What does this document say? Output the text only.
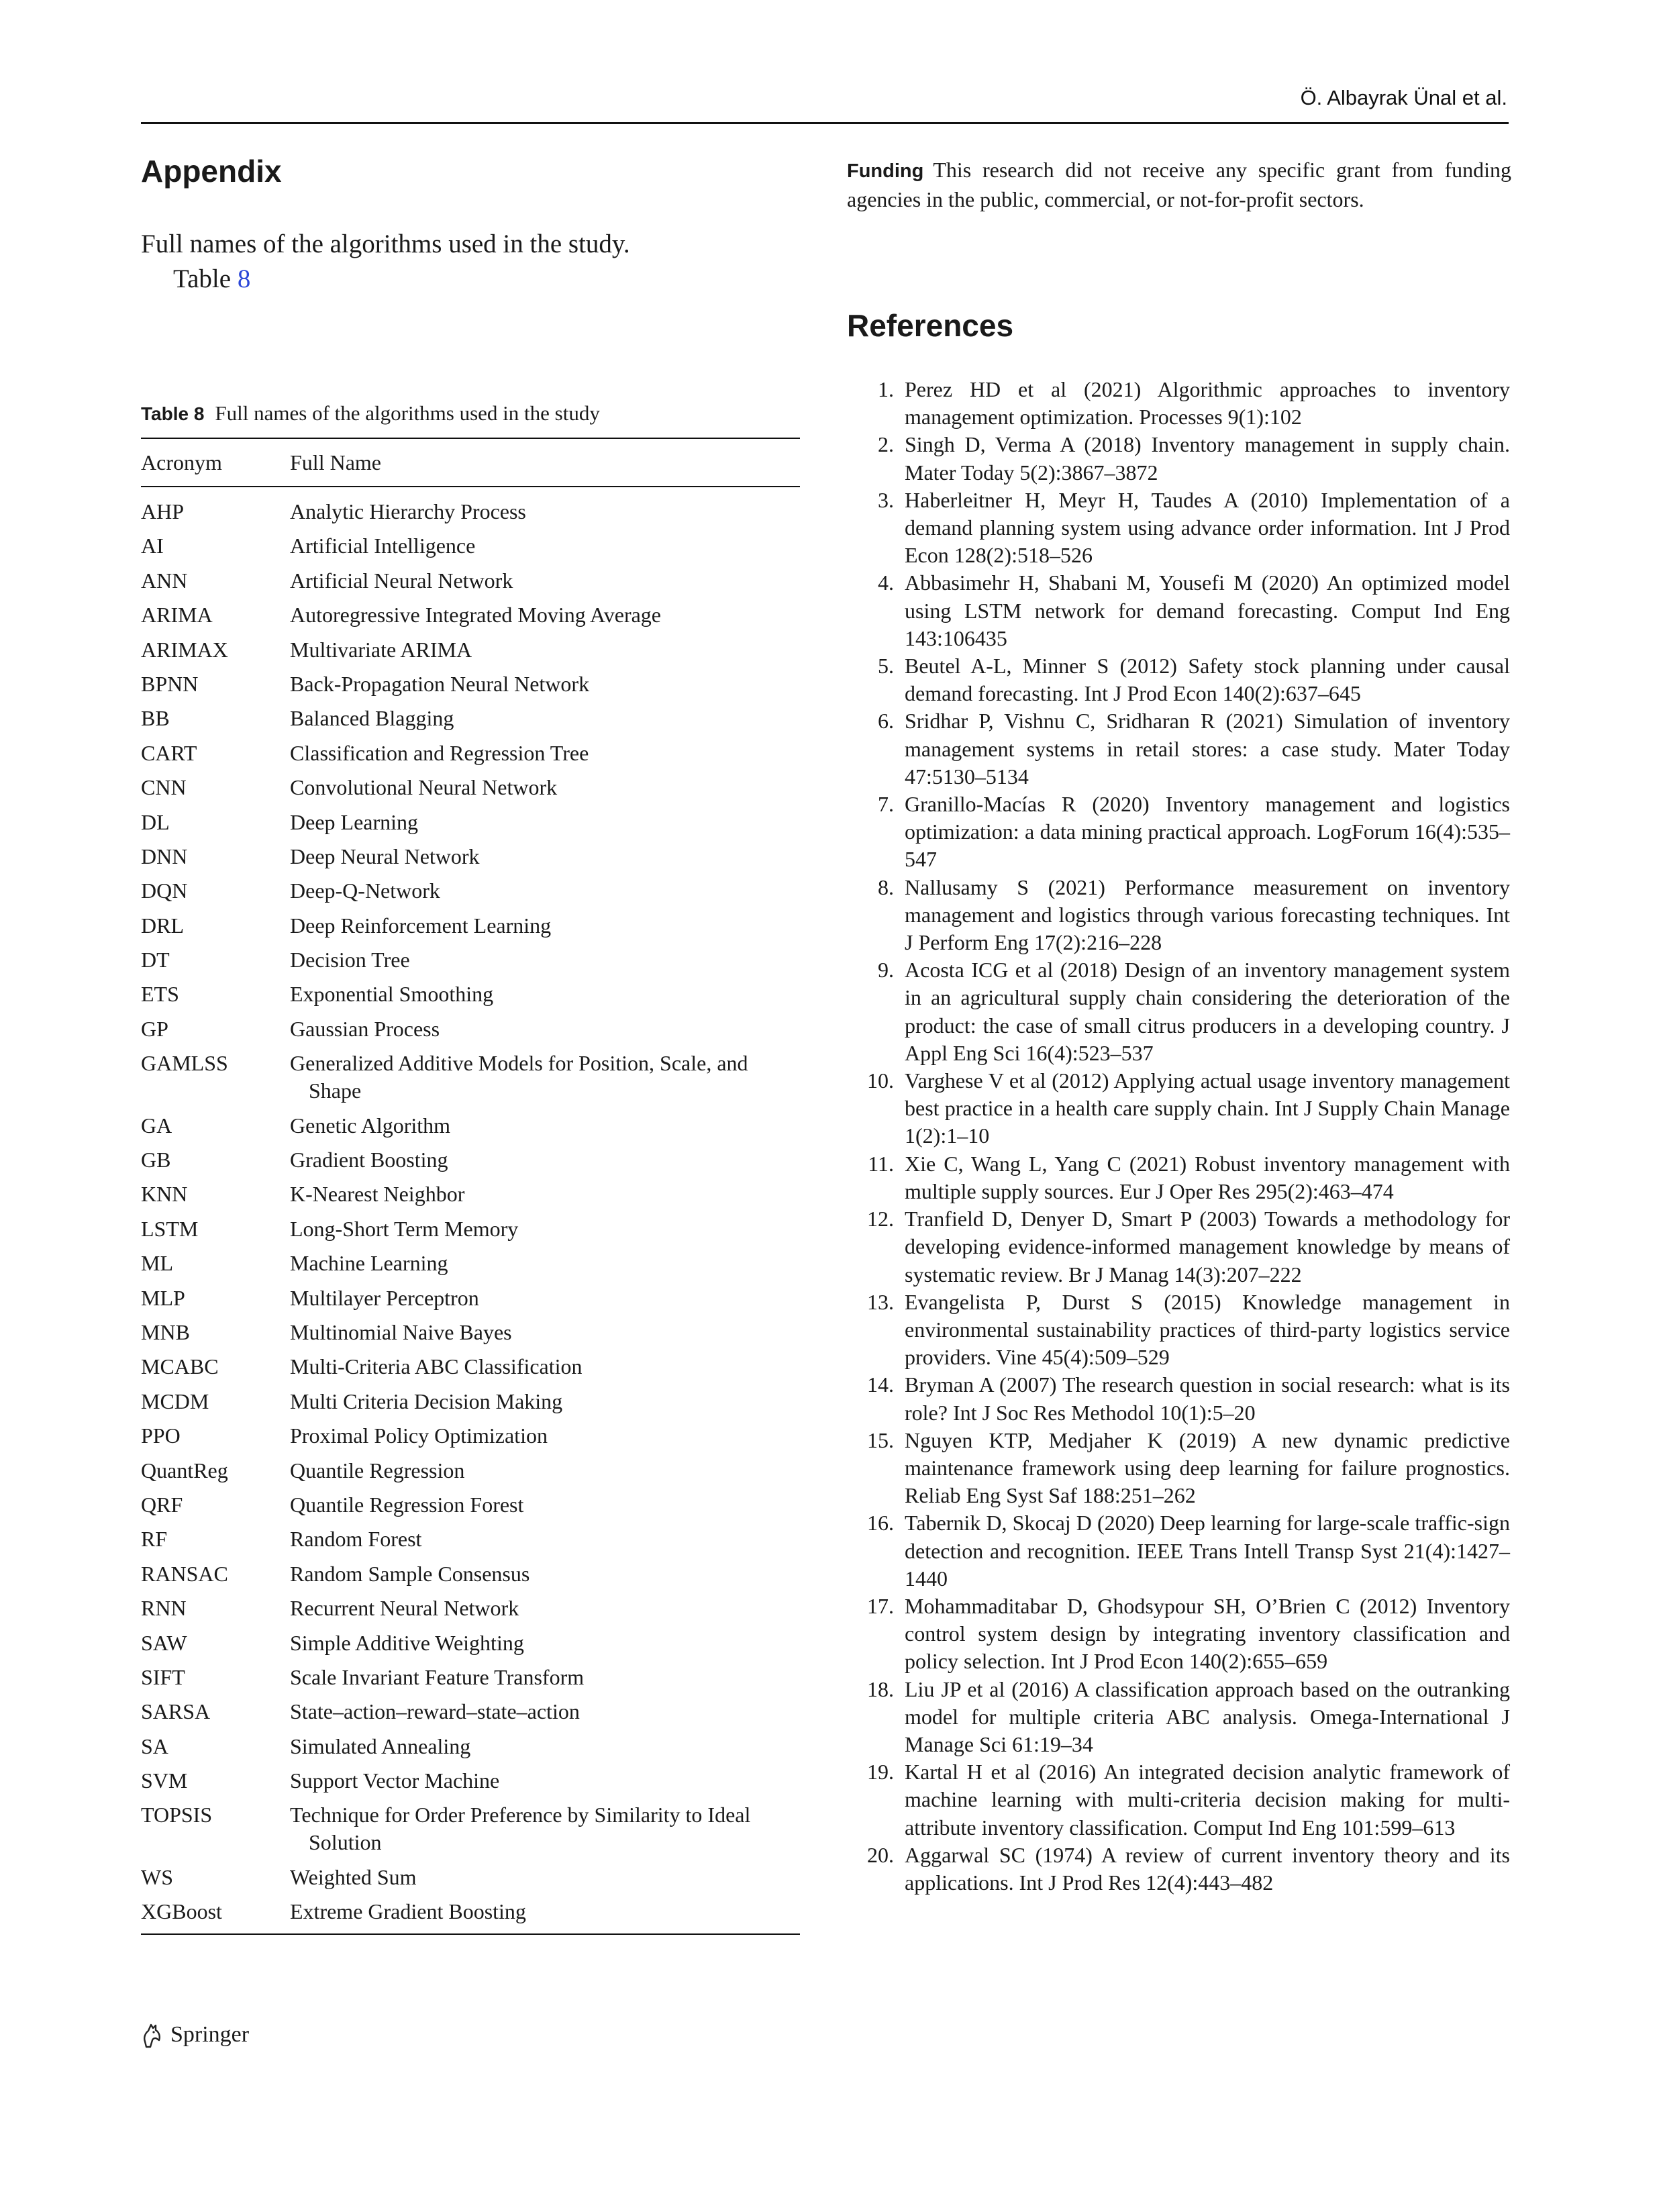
Ö. Albayrak Ünal et al.
Appendix
Full names of the algorithms used in the study.
Table 8
Table 8 Full names of the algorithms used in the study
Acronym	Full Name
AHP	Analytic Hierarchy Process

AI	Artificial Intelligence

ANN	Artificial Neural Network

ARIMA	Autoregressive Integrated Moving Average

ARIMAX	Multivariate ARIMA

BPNN	Back-Propagation Neural Network

BB	Balanced Blagging

CART	Classification and Regression Tree

CNN	Convolutional Neural Network

DL	Deep Learning

DNN	Deep Neural Network

DQN	Deep-Q-Network

DRL	Deep Reinforcement Learning

DT	Decision Tree

ETS	Exponential Smoothing

GP	Gaussian Process

GAMLSS	Generalized Additive Models for Position, Scale, and Shape

GA	Genetic Algorithm

GB	Gradient Boosting

KNN	K-Nearest Neighbor

LSTM	Long-Short Term Memory

ML	Machine Learning

MLP	Multilayer Perceptron

MNB	Multinomial Naive Bayes

MCABC	Multi-Criteria ABC Classification

MCDM	Multi Criteria Decision Making

PPO	Proximal Policy Optimization

QuantReg	Quantile Regression

QRF	Quantile Regression Forest

RF	Random Forest

RANSAC	Random Sample Consensus

RNN	Recurrent Neural Network

SAW	Simple Additive Weighting

SIFT	Scale Invariant Feature Transform

SARSA	State–action–reward–state–action

SA	Simulated Annealing

SVM	Support Vector Machine

TOPSIS	Technique for Order Preference by Similarity to Ideal Solution

WS	Weighted Sum

XGBoost	Extreme Gradient Boosting
Funding This research did not receive any specific grant from funding agencies in the public, commercial, or not-for-profit sectors.
References
1. Perez HD et al (2021) Algorithmic approaches to inventory management optimization. Processes 9(1):102
2. Singh D, Verma A (2018) Inventory management in supply chain. Mater Today 5(2):3867–3872
3. Haberleitner H, Meyr H, Taudes A (2010) Implementation of a demand planning system using advance order information. Int J Prod Econ 128(2):518–526
4. Abbasimehr H, Shabani M, Yousefi M (2020) An optimized model using LSTM network for demand forecasting. Comput Ind Eng 143:106435
5. Beutel A-L, Minner S (2012) Safety stock planning under causal demand forecasting. Int J Prod Econ 140(2):637–645
6. Sridhar P, Vishnu C, Sridharan R (2021) Simulation of inventory management systems in retail stores: a case study. Mater Today 47:5130–5134
7. Granillo-Macías R (2020) Inventory management and logistics optimization: a data mining practical approach. LogForum 16(4):535–547
8. Nallusamy S (2021) Performance measurement on inventory management and logistics through various forecasting techniques. Int J Perform Eng 17(2):216–228
9. Acosta ICG et al (2018) Design of an inventory management system in an agricultural supply chain considering the deterioration of the product: the case of small citrus producers in a developing country. J Appl Eng Sci 16(4):523–537
10. Varghese V et al (2012) Applying actual usage inventory management best practice in a health care supply chain. Int J Supply Chain Manage 1(2):1–10
11. Xie C, Wang L, Yang C (2021) Robust inventory management with multiple supply sources. Eur J Oper Res 295(2):463–474
12. Tranfield D, Denyer D, Smart P (2003) Towards a methodology for developing evidence-informed management knowledge by means of systematic review. Br J Manag 14(3):207–222
13. Evangelista P, Durst S (2015) Knowledge management in environmental sustainability practices of third-party logistics service providers. Vine 45(4):509–529
14. Bryman A (2007) The research question in social research: what is its role? Int J Soc Res Methodol 10(1):5–20
15. Nguyen KTP, Medjaher K (2019) A new dynamic predictive maintenance framework using deep learning for failure prognostics. Reliab Eng Syst Saf 188:251–262
16. Tabernik D, Skocaj D (2020) Deep learning for large-scale traffic-sign detection and recognition. IEEE Trans Intell Transp Syst 21(4):1427–1440
17. Mohammaditabar D, Ghodsypour SH, O’Brien C (2012) Inventory control system design by integrating inventory classification and policy selection. Int J Prod Econ 140(2):655–659
18. Liu JP et al (2016) A classification approach based on the outranking model for multiple criteria ABC analysis. Omega-International J Manage Sci 61:19–34
19. Kartal H et al (2016) An integrated decision analytic framework of machine learning with multi-criteria decision making for multi-attribute inventory classification. Comput Ind Eng 101:599–613
20. Aggarwal SC (1974) A review of current inventory theory and its applications. Int J Prod Res 12(4):443–482
Springer
